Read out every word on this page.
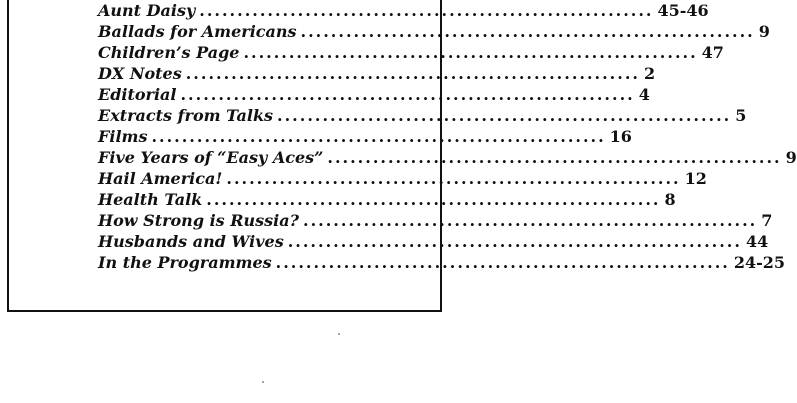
Aunt Daisy ............................................................ 45-46
Ballads for Americans ............................................................ 9
Children’s Page ............................................................ 47
DX Notes ............................................................ 2
Editorial ............................................................ 4
Extracts from Talks ............................................................ 5
Films ............................................................ 16
Five Years of “Easy Aces” ............................................................ 9
Hail America! ............................................................ 12
Health Talk ............................................................ 8
How Strong is Russia? ............................................................ 7
Husbands and Wives ............................................................ 44
In the Programmes ............................................................ 24-25
